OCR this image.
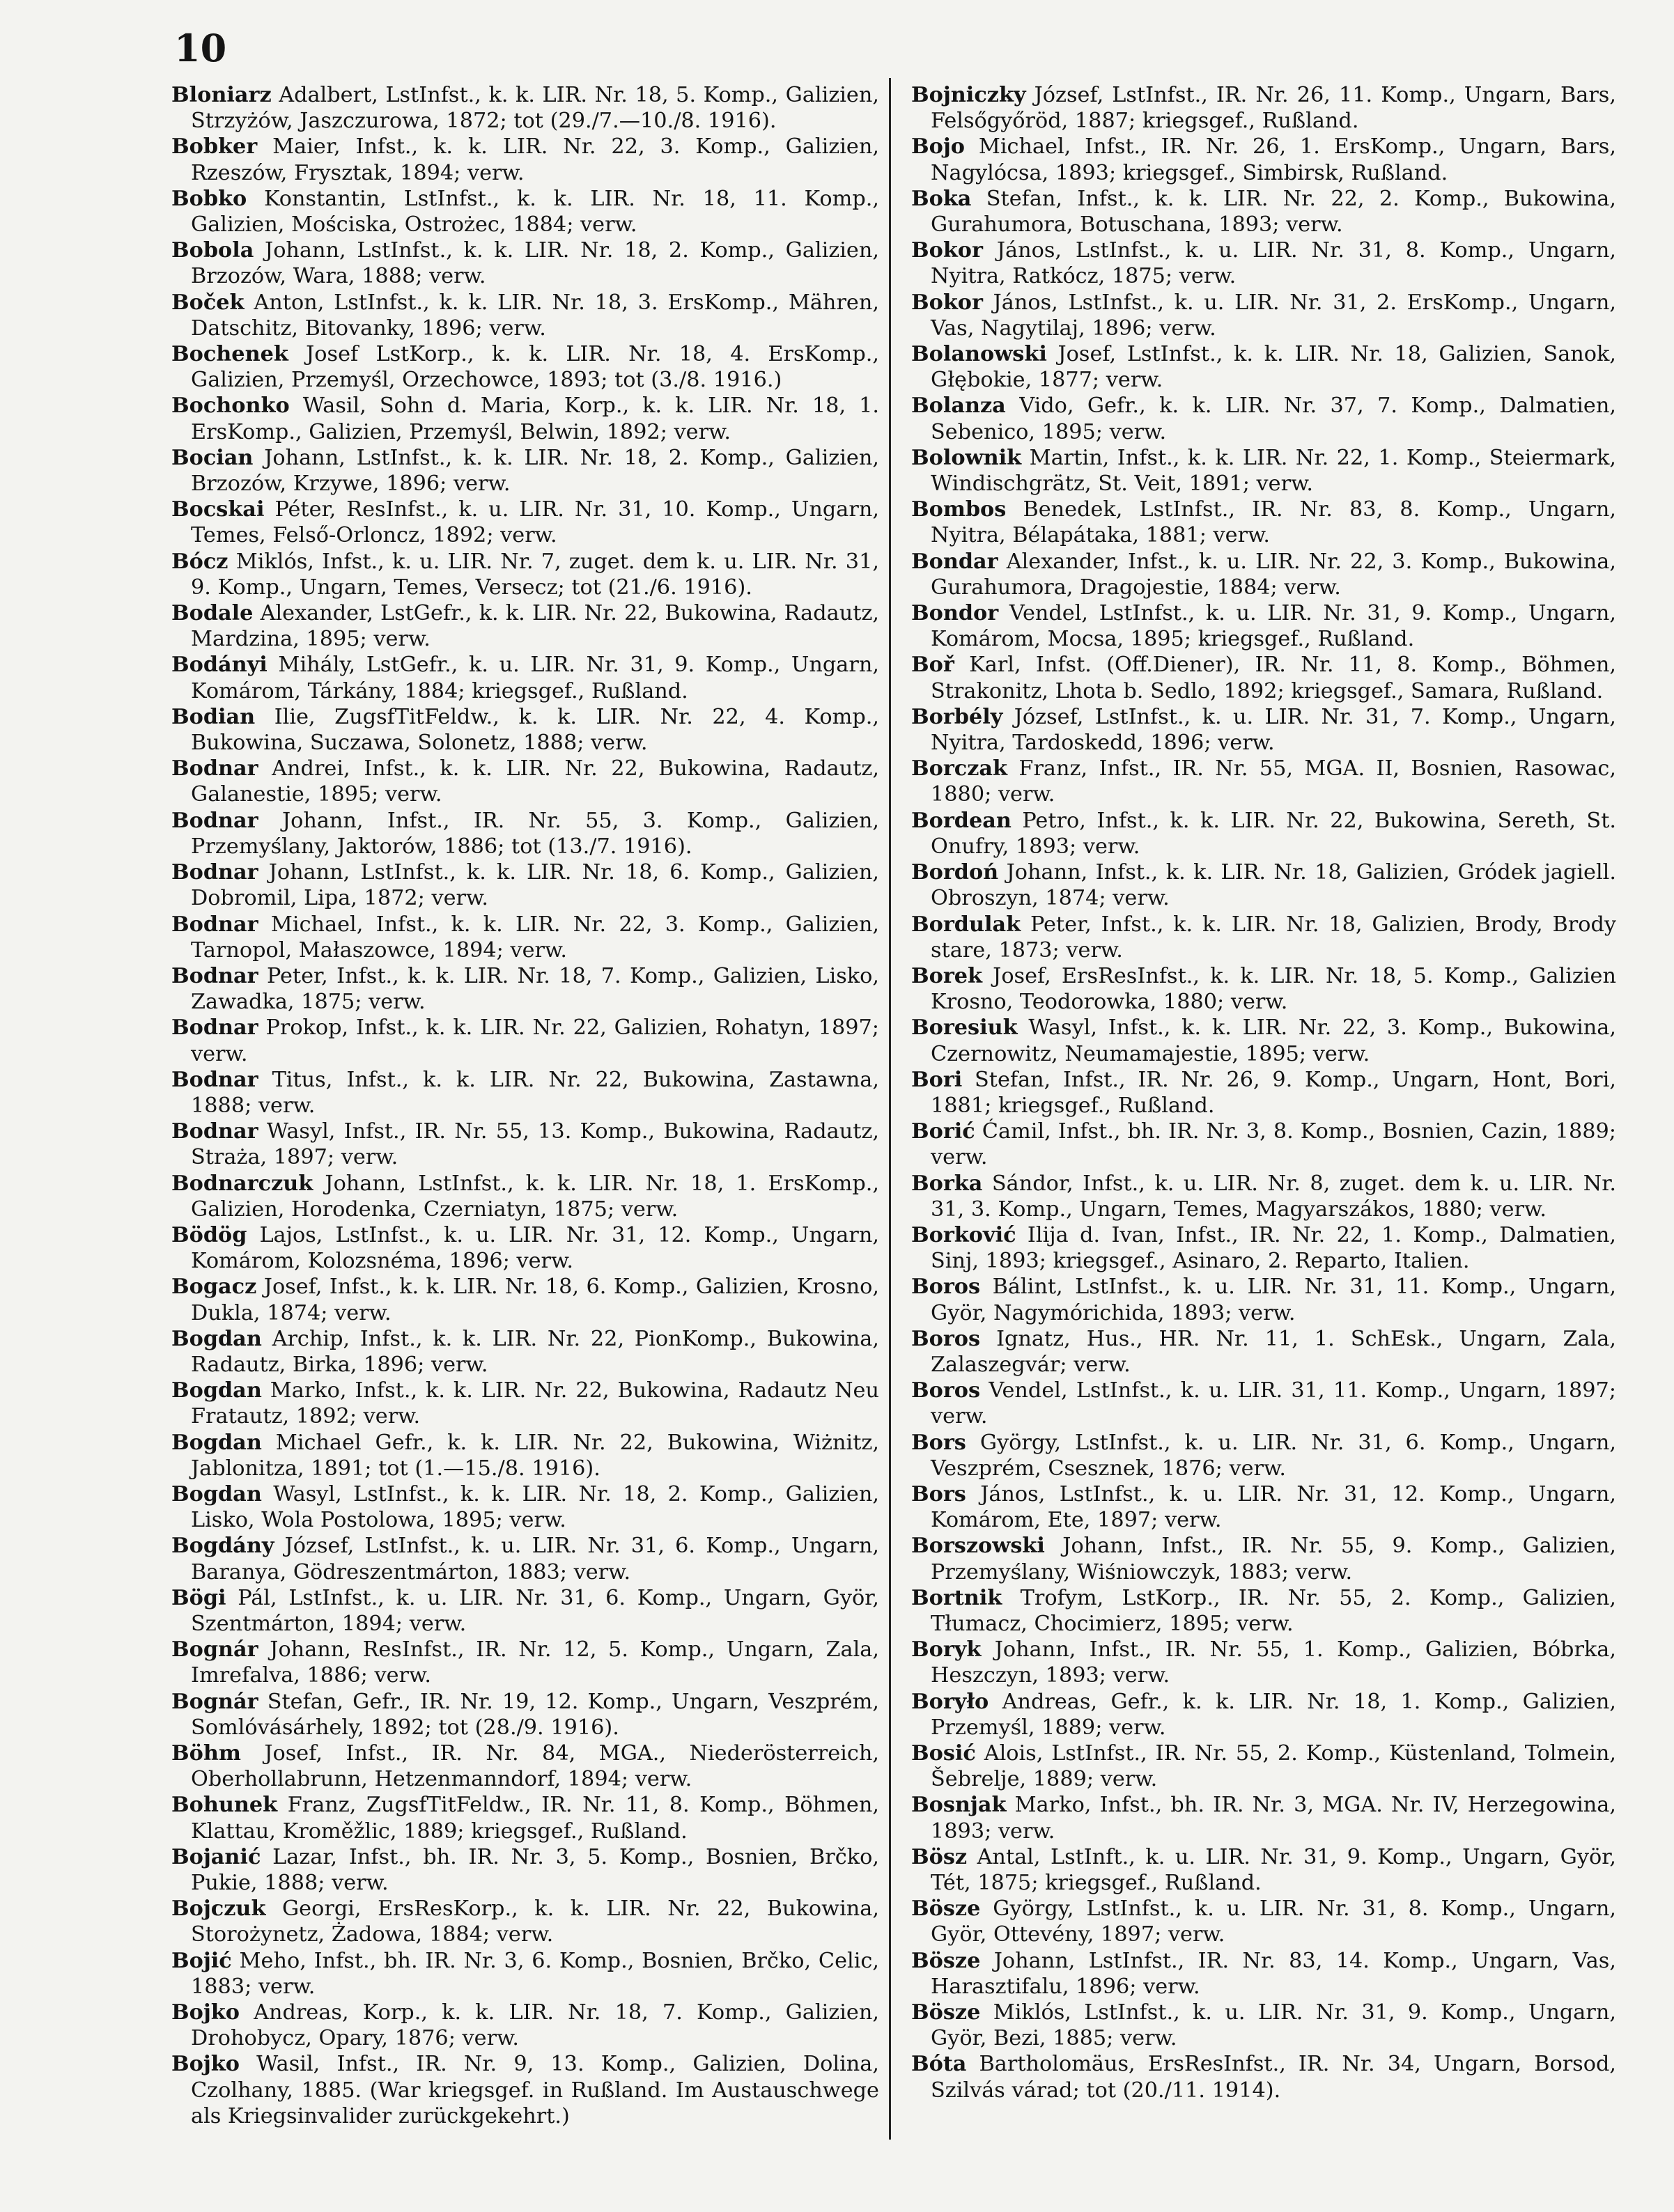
10

Bloniarz Adalbert, LstInfst., k. k. LIR. Nr. 18, 5. Komp., Galizien, Strzyżów, Jaszczurowa, 1872; tot (29./7.—10./8. 1916).

Bobker Maier, Infst., k. k. LIR. Nr. 22, 3. Komp., Galizien, Rzeszów, Frysztak, 1894; verw.

Bobko Konstantin, LstInfst., k. k. LIR. Nr. 18, 11. Komp., Galizien, Mościska, Ostrożec, 1884; verw.

Bobola Johann, LstInfst., k. k. LIR. Nr. 18, 2. Komp., Galizien, Brzozów, Wara, 1888; verw.

Boček Anton, LstInfst., k. k. LIR. Nr. 18, 3. ErsKomp., Mähren, Datschitz, Bitovanky, 1896; verw.

Bochenek Josef LstKorp., k. k. LIR. Nr. 18, 4. ErsKomp., Galizien, Przemyśl, Orzechowce, 1893; tot (3./8. 1916.)

Bochonko Wasil, Sohn d. Maria, Korp., k. k. LIR. Nr. 18, 1. ErsKomp., Galizien, Przemyśl, Belwin, 1892; verw.

Bocian Johann, LstInfst., k. k. LIR. Nr. 18, 2. Komp., Galizien, Brzozów, Krzywe, 1896; verw.

Bocskai Péter, ResInfst., k. u. LIR. Nr. 31, 10. Komp., Ungarn, Temes, Felső-Orloncz, 1892; verw.

Bócz Miklós, Infst., k. u. LIR. Nr. 7, zuget. dem k. u. LIR. Nr. 31, 9. Komp., Ungarn, Temes, Versecz; tot (21./6. 1916).

Bodale Alexander, LstGefr., k. k. LIR. Nr. 22, Bukowina, Radautz, Mardzina, 1895; verw.

Bodányi Mihály, LstGefr., k. u. LIR. Nr. 31, 9. Komp., Ungarn, Komárom, Tárkány, 1884; kriegsgef., Rußland.

Bodian Ilie, ZugsfTitFeldw., k. k. LIR. Nr. 22, 4. Komp., Bukowina, Suczawa, Solonetz, 1888; verw.

Bodnar Andrei, Infst., k. k. LIR. Nr. 22, Bukowina, Radautz, Galanestie, 1895; verw.

Bodnar Johann, Infst., IR. Nr. 55, 3. Komp., Galizien, Przemyślany, Jaktorów, 1886; tot (13./7. 1916).

Bodnar Johann, LstInfst., k. k. LIR. Nr. 18, 6. Komp., Galizien, Dobromil, Lipa, 1872; verw.

Bodnar Michael, Infst., k. k. LIR. Nr. 22, 3. Komp., Galizien, Tarnopol, Małaszowce, 1894; verw.

Bodnar Peter, Infst., k. k. LIR. Nr. 18, 7. Komp., Galizien, Lisko, Zawadka, 1875; verw.

Bodnar Prokop, Infst., k. k. LIR. Nr. 22, Galizien, Rohatyn, 1897; verw.

Bodnar Titus, Infst., k. k. LIR. Nr. 22, Bukowina, Zastawna, 1888; verw.

Bodnar Wasyl, Infst., IR. Nr. 55, 13. Komp., Bukowina, Radautz, Straża, 1897; verw.

Bodnarczuk Johann, LstInfst., k. k. LIR. Nr. 18, 1. ErsKomp., Galizien, Horodenka, Czerniatyn, 1875; verw.

Bödög Lajos, LstInfst., k. u. LIR. Nr. 31, 12. Komp., Ungarn, Komárom, Kolozsnéma, 1896; verw.

Bogacz Josef, Infst., k. k. LIR. Nr. 18, 6. Komp., Galizien, Krosno, Dukla, 1874; verw.

Bogdan Archip, Infst., k. k. LIR. Nr. 22, PionKomp., Bukowina, Radautz, Birka, 1896; verw.

Bogdan Marko, Infst., k. k. LIR. Nr. 22, Bukowina, Radautz Neu Fratautz, 1892; verw.

Bogdan Michael Gefr., k. k. LIR. Nr. 22, Bukowina, Wiżnitz, Jablonitza, 1891; tot (1.—15./8. 1916).

Bogdan Wasyl, LstInfst., k. k. LIR. Nr. 18, 2. Komp., Galizien, Lisko, Wola Postolowa, 1895; verw.

Bogdány József, LstInfst., k. u. LIR. Nr. 31, 6. Komp., Ungarn, Baranya, Gödreszentmárton, 1883; verw.

Bögi Pál, LstInfst., k. u. LIR. Nr. 31, 6. Komp., Ungarn, Györ, Szentmárton, 1894; verw.

Bognár Johann, ResInfst., IR. Nr. 12, 5. Komp., Ungarn, Zala, Imrefalva, 1886; verw.

Bognár Stefan, Gefr., IR. Nr. 19, 12. Komp., Ungarn, Veszprém, Somlóvásárhely, 1892; tot (28./9. 1916).

Böhm Josef, Infst., IR. Nr. 84, MGA., Niederösterreich, Oberhollabrunn, Hetzenmanndorf, 1894; verw.

Bohunek Franz, ZugsfTitFeldw., IR. Nr. 11, 8. Komp., Böhmen, Klattau, Kroměžlic, 1889; kriegsgef., Rußland.

Bojanić Lazar, Infst., bh. IR. Nr. 3, 5. Komp., Bosnien, Brčko, Pukie, 1888; verw.

Bojczuk Georgi, ErsResKorp., k. k. LIR. Nr. 22, Bukowina, Storożynetz, Żadowa, 1884; verw.

Bojić Meho, Infst., bh. IR. Nr. 3, 6. Komp., Bosnien, Brčko, Celic, 1883; verw.

Bojko Andreas, Korp., k. k. LIR. Nr. 18, 7. Komp., Galizien, Drohobycz, Opary, 1876; verw.

Bojko Wasil, Infst., IR. Nr. 9, 13. Komp., Galizien, Dolina, Czolhany, 1885. (War kriegsgef. in Rußland. Im Austauschwege als Kriegsinvalider zurückgekehrt.)

Bojniczky József, LstInfst., IR. Nr. 26, 11. Komp., Ungarn, Bars, Felsőgyőröd, 1887; kriegsgef., Rußland.

Bojo Michael, Infst., IR. Nr. 26, 1. ErsKomp., Ungarn, Bars, Nagylócsa, 1893; kriegsgef., Simbirsk, Rußland.

Boka Stefan, Infst., k. k. LIR. Nr. 22, 2. Komp., Bukowina, Gurahumora, Botuschana, 1893; verw.

Bokor János, LstInfst., k. u. LIR. Nr. 31, 8. Komp., Ungarn, Nyitra, Ratkócz, 1875; verw.

Bokor János, LstInfst., k. u. LIR. Nr. 31, 2. ErsKomp., Ungarn, Vas, Nagytilaj, 1896; verw.

Bolanowski Josef, LstInfst., k. k. LIR. Nr. 18, Galizien, Sanok, Głębokie, 1877; verw.

Bolanza Vido, Gefr., k. k. LIR. Nr. 37, 7. Komp., Dalmatien, Sebenico, 1895; verw.

Bolownik Martin, Infst., k. k. LIR. Nr. 22, 1. Komp., Steiermark, Windischgrätz, St. Veit, 1891; verw.

Bombos Benedek, LstInfst., IR. Nr. 83, 8. Komp., Ungarn, Nyitra, Bélapátaka, 1881; verw.

Bondar Alexander, Infst., k. u. LIR. Nr. 22, 3. Komp., Bukowina, Gurahumora, Dragojestie, 1884; verw.

Bondor Vendel, LstInfst., k. u. LIR. Nr. 31, 9. Komp., Ungarn, Komárom, Mocsa, 1895; kriegsgef., Rußland.

Boř Karl, Infst. (Off.Diener), IR. Nr. 11, 8. Komp., Böhmen, Strakonitz, Lhota b. Sedlo, 1892; kriegsgef., Samara, Rußland.

Borbély József, LstInfst., k. u. LIR. Nr. 31, 7. Komp., Ungarn, Nyitra, Tardoskedd, 1896; verw.

Borczak Franz, Infst., IR. Nr. 55, MGA. II, Bosnien, Rasowac, 1880; verw.

Bordean Petro, Infst., k. k. LIR. Nr. 22, Bukowina, Sereth, St. Onufry, 1893; verw.

Bordoń Johann, Infst., k. k. LIR. Nr. 18, Galizien, Gródek jagiell. Obroszyn, 1874; verw.

Bordulak Peter, Infst., k. k. LIR. Nr. 18, Galizien, Brody, Brody stare, 1873; verw.

Borek Josef, ErsResInfst., k. k. LIR. Nr. 18, 5. Komp., Galizien Krosno, Teodorowka, 1880; verw.

Boresiuk Wasyl, Infst., k. k. LIR. Nr. 22, 3. Komp., Bukowina, Czernowitz, Neumamajestie, 1895; verw.

Bori Stefan, Infst., IR. Nr. 26, 9. Komp., Ungarn, Hont, Bori, 1881; kriegsgef., Rußland.

Borić Ćamil, Infst., bh. IR. Nr. 3, 8. Komp., Bosnien, Cazin, 1889; verw.

Borka Sándor, Infst., k. u. LIR. Nr. 8, zuget. dem k. u. LIR. Nr. 31, 3. Komp., Ungarn, Temes, Magyarszákos, 1880; verw.

Borković Ilija d. Ivan, Infst., IR. Nr. 22, 1. Komp., Dalmatien, Sinj, 1893; kriegsgef., Asinaro, 2. Reparto, Italien.

Boros Bálint, LstInfst., k. u. LIR. Nr. 31, 11. Komp., Ungarn, Györ, Nagymórichida, 1893; verw.

Boros Ignatz, Hus., HR. Nr. 11, 1. SchEsk., Ungarn, Zala, Zalaszegvár; verw.

Boros Vendel, LstInfst., k. u. LIR. 31, 11. Komp., Ungarn, 1897; verw.

Bors György, LstInfst., k. u. LIR. Nr. 31, 6. Komp., Ungarn, Veszprém, Csesznek, 1876; verw.

Bors János, LstInfst., k. u. LIR. Nr. 31, 12. Komp., Ungarn, Komárom, Ete, 1897; verw.

Borszowski Johann, Infst., IR. Nr. 55, 9. Komp., Galizien, Przemyślany, Wiśniowczyk, 1883; verw.

Bortnik Trofym, LstKorp., IR. Nr. 55, 2. Komp., Galizien, Tłumacz, Chocimierz, 1895; verw.

Boryk Johann, Infst., IR. Nr. 55, 1. Komp., Galizien, Bóbrka, Heszczyn, 1893; verw.

Boryło Andreas, Gefr., k. k. LIR. Nr. 18, 1. Komp., Galizien, Przemyśl, 1889; verw.

Bosić Alois, LstInfst., IR. Nr. 55, 2. Komp., Küstenland, Tolmein, Šebrelje, 1889; verw.

Bosnjak Marko, Infst., bh. IR. Nr. 3, MGA. Nr. IV, Herzegowina, 1893; verw.

Bösz Antal, LstInft., k. u. LIR. Nr. 31, 9. Komp., Ungarn, Györ, Tét, 1875; kriegsgef., Rußland.

Bösze György, LstInfst., k. u. LIR. Nr. 31, 8. Komp., Ungarn, Györ, Ottevény, 1897; verw.

Bösze Johann, LstInfst., IR. Nr. 83, 14. Komp., Ungarn, Vas, Harasztifalu, 1896; verw.

Bösze Miklós, LstInfst., k. u. LIR. Nr. 31, 9. Komp., Ungarn, Györ, Bezi, 1885; verw.

Bóta Bartholomäus, ErsResInfst., IR. Nr. 34, Ungarn, Borsod, Szilvás várad; tot (20./11. 1914).
